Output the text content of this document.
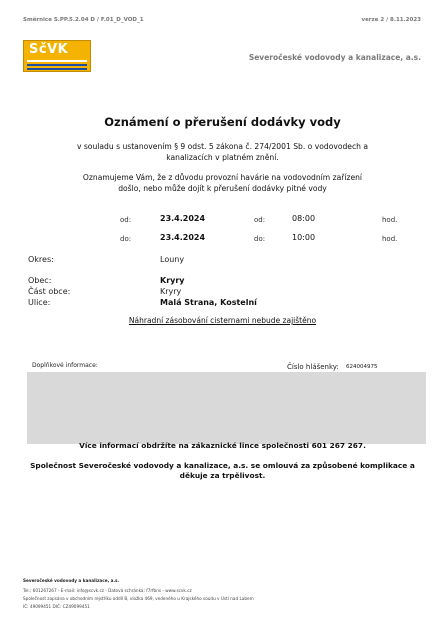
Směrnice S.PP.5.2.04 D / F.01_D_VOD_1	verze 2 / 8.11.2023
SčVK
Severočeské vodovody a kanalizace, a.s.
Oznámení o přerušení dodávky vody
v souladu s ustanovením § 9 odst. 5 zákona č. 274/2001 Sb. o vodovodech a
kanalizacích v platném znění.
Oznamujeme Vám, že z důvodu provozní havárie na vodovodním zařízení
došlo, nebo může dojít k přerušení dodávky pitné vody
od:	23.4.2024	od:	08:00	hod.
do:	23.4.2024	do:	10:00	hod.
Okres:	Louny
Obec:	Kryry
Část obce:	Kryry
Ulice:	Malá Strana, Kostelní
Náhradní zásobování cisternami nebude zajištěno
Doplňkové informace:	Číslo hlášenky: 624004975
Více informací obdržíte na zákaznické lince společnosti 601 267 267.
Společnost Severočeské vodovody a kanalizace, a.s. se omlouvá za způsobené komplikace a
děkuje za trpělivost.
Severočeské vodovody a kanalizace, a.s.
Tel.: 601267267 - E-mail: info@scvk.cz - Datová schránka: f7rfbns - www.scvk.cz
Společnost zapsána v obchodním rejstříku oddíl B, vložka 469, vedeného u Krajského soudu v Ústí nad Labem
IČ: 49099451 DIČ: CZ49099451
